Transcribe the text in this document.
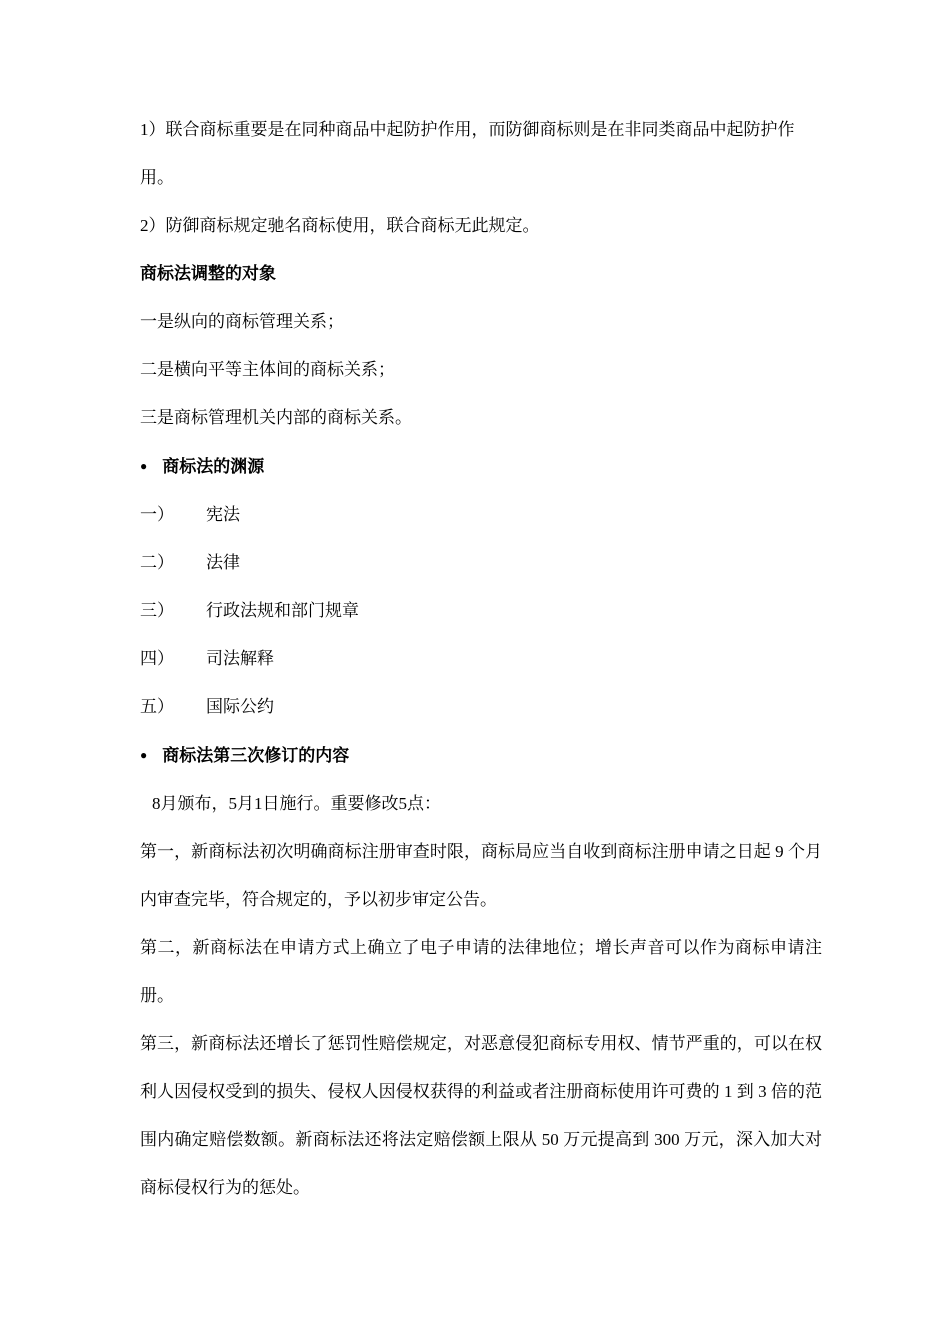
1）联合商标重要是在同种商品中起防护作用，而防御商标则是在非同类商品中起防护作用。

2）防御商标规定驰名商标使用，联合商标无此规定。

商标法调整的对象

一是纵向的商标管理关系；

二是横向平等主体间的商标关系；

三是商标管理机关内部的商标关系。

● 商标法的渊源

一） 宪法

二） 法律

三） 行政法规和部门规章

四） 司法解释

五） 国际公约

● 商标法第三次修订的内容

8月颁布，5月1日施行。重要修改5点：

第一，新商标法初次明确商标注册审查时限，商标局应当自收到商标注册申请之日起 9 个月内审查完毕，符合规定的，予以初步审定公告。

第二，新商标法在申请方式上确立了电子申请的法律地位；增长声音可以作为商标申请注册。

第三，新商标法还增长了惩罚性赔偿规定，对恶意侵犯商标专用权、情节严重的，可以在权利人因侵权受到的损失、侵权人因侵权获得的利益或者注册商标使用许可费的 1 到 3 倍的范围内确定赔偿数额。新商标法还将法定赔偿额上限从 50 万元提高到 300 万元，深入加大对商标侵权行为的惩处。
